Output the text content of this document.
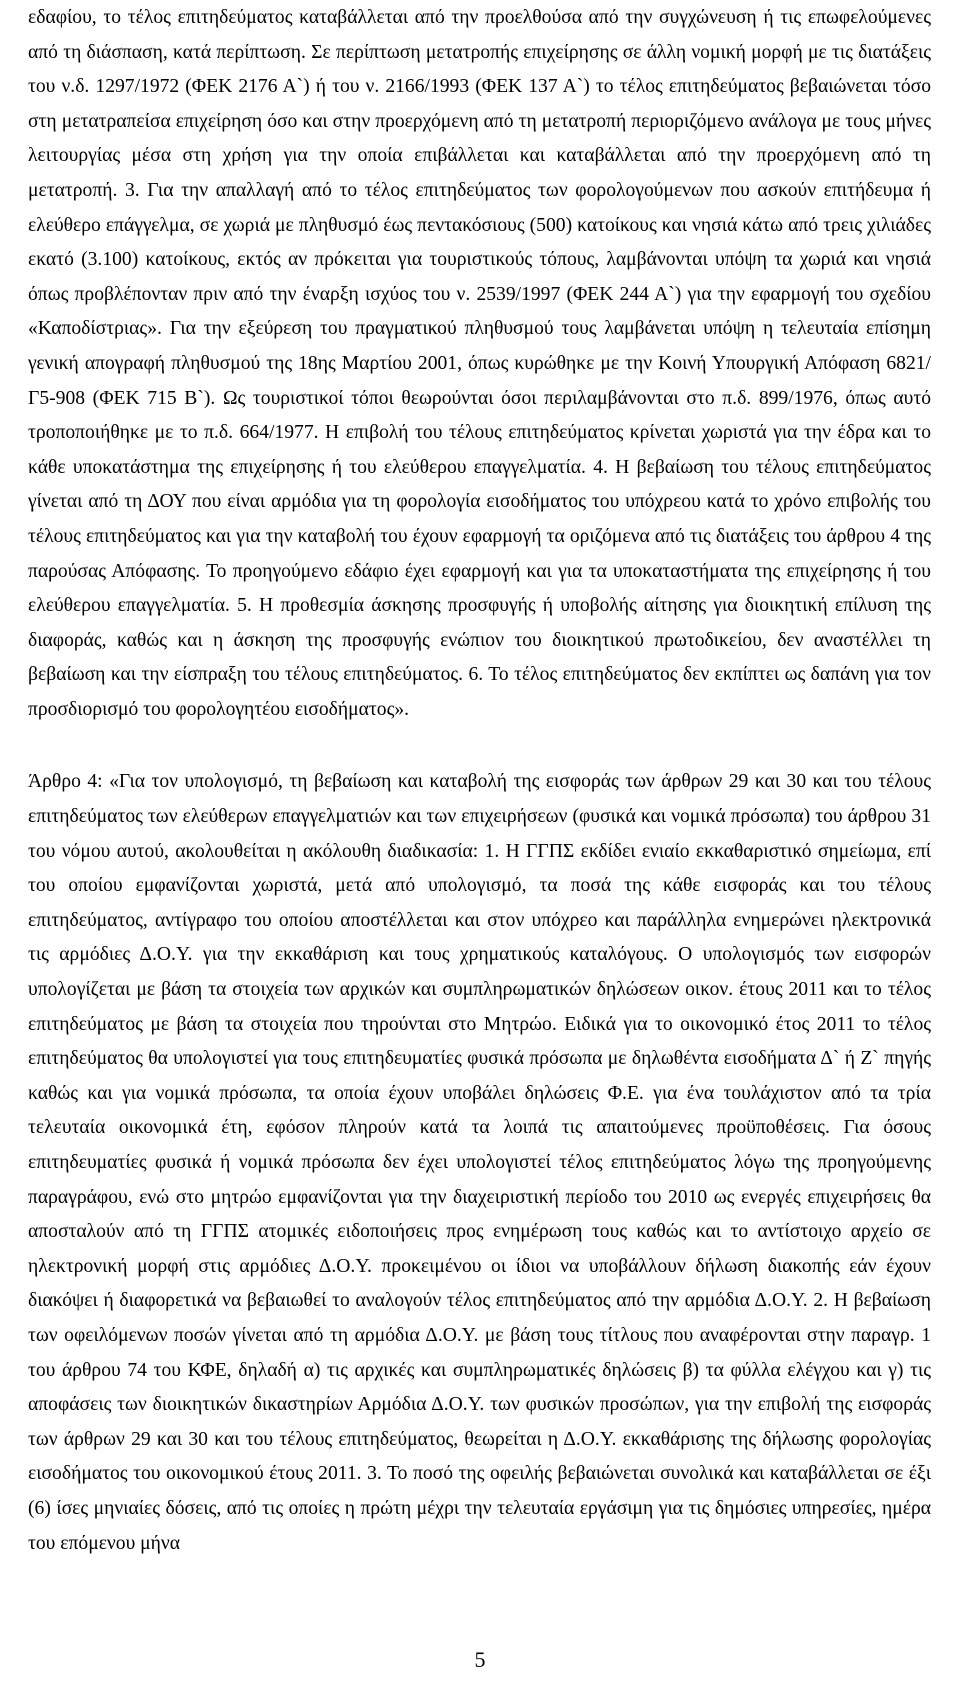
εδαφίου, το τέλος επιτηδεύματος καταβάλλεται από την προελθούσα από την συγχώνευση ή τις επωφελούμενες από τη διάσπαση, κατά περίπτωση. Σε περίπτωση μετατροπής επιχείρησης σε άλλη νομική μορφή με τις διατάξεις του ν.δ. 1297/1972 (ΦΕΚ 2176 Α`) ή του ν. 2166/1993 (ΦΕΚ 137 Α`) το τέλος επιτηδεύματος βεβαιώνεται τόσο στη μετατραπείσα επιχείρηση όσο και στην προερχόμενη από τη μετατροπή περιοριζόμενο ανάλογα με τους μήνες λειτουργίας μέσα στη χρήση για την οποία επιβάλλεται και καταβάλλεται από την προερχόμενη από τη μετατροπή. 3. Για την απαλλαγή από το τέλος επιτηδεύματος των φορολογούμενων που ασκούν επιτήδευμα ή ελεύθερο επάγγελμα, σε χωριά με πληθυσμό έως πεντακόσιους (500) κατοίκους και νησιά κάτω από τρεις χιλιάδες εκατό (3.100) κατοίκους, εκτός αν πρόκειται για τουριστικούς τόπους, λαμβάνονται υπόψη τα χωριά και νησιά όπως προβλέπονταν πριν από την έναρξη ισχύος του ν. 2539/1997 (ΦΕΚ 244 Α`) για την εφαρμογή του σχεδίου «Καποδίστριας». Για την εξεύρεση του πραγματικού πληθυσμού τους λαμβάνεται υπόψη η τελευταία επίσημη γενική απογραφή πληθυσμού της 18ης Μαρτίου 2001, όπως κυρώθηκε με την Κοινή Υπουργική Απόφαση 6821/Γ5-908 (ΦΕΚ 715 Β`). Ως τουριστικοί τόποι θεωρούνται όσοι περιλαμβάνονται στο π.δ. 899/1976, όπως αυτό τροποποιήθηκε με το π.δ. 664/1977. Η επιβολή του τέλους επιτηδεύματος κρίνεται χωριστά για την έδρα και το κάθε υποκατάστημα της επιχείρησης ή του ελεύθερου επαγγελματία. 4. Η βεβαίωση του τέλους επιτηδεύματος γίνεται από τη ΔΟΥ που είναι αρμόδια για τη φορολογία εισοδήματος του υπόχρεου κατά το χρόνο επιβολής του τέλους επιτηδεύματος και για την καταβολή του έχουν εφαρμογή τα οριζόμενα από τις διατάξεις του άρθρου 4 της παρούσας Απόφασης. Το προηγούμενο εδάφιο έχει εφαρμογή και για τα υποκαταστήματα της επιχείρησης ή του ελεύθερου επαγγελματία. 5. Η προθεσμία άσκησης προσφυγής ή υποβολής αίτησης για διοικητική επίλυση της διαφοράς, καθώς και η άσκηση της προσφυγής ενώπιον του διοικητικού πρωτοδικείου, δεν αναστέλλει τη βεβαίωση και την είσπραξη του τέλους επιτηδεύματος. 6. Το τέλος επιτηδεύματος δεν εκπίπτει ως δαπάνη για τον προσδιορισμό του φορολογητέου εισοδήματος».

Άρθρο 4: «Για τον υπολογισμό, τη βεβαίωση και καταβολή της εισφοράς των άρθρων 29 και 30 και του τέλους επιτηδεύματος των ελεύθερων επαγγελματιών και των επιχειρήσεων (φυσικά και νομικά πρόσωπα) του άρθρου 31 του νόμου αυτού, ακολουθείται η ακόλουθη διαδικασία: 1. Η ΓΓΠΣ εκδίδει ενιαίο εκκαθαριστικό σημείωμα, επί του οποίου εμφανίζονται χωριστά, μετά από υπολογισμό, τα ποσά της κάθε εισφοράς και του τέλους επιτηδεύματος, αντίγραφο του οποίου αποστέλλεται και στον υπόχρεο και παράλληλα ενημερώνει ηλεκτρονικά τις αρμόδιες Δ.Ο.Υ. για την εκκαθάριση και τους χρηματικούς καταλόγους. Ο υπολογισμός των εισφορών υπολογίζεται με βάση τα στοιχεία των αρχικών και συμπληρωματικών δηλώσεων οικον. έτους 2011 και το τέλος επιτηδεύματος με βάση τα στοιχεία που τηρούνται στο Μητρώο. Ειδικά για το οικονομικό έτος 2011 το τέλος επιτηδεύματος θα υπολογιστεί για τους επιτηδευματίες φυσικά πρόσωπα με δηλωθέντα εισοδήματα Δ` ή Ζ` πηγής καθώς και για νομικά πρόσωπα, τα οποία έχουν υποβάλει δηλώσεις Φ.Ε. για ένα τουλάχιστον από τα τρία τελευταία οικονομικά έτη, εφόσον πληρούν κατά τα λοιπά τις απαιτούμενες προϋποθέσεις. Για όσους επιτηδευματίες φυσικά ή νομικά πρόσωπα δεν έχει υπολογιστεί τέλος επιτηδεύματος λόγω της προηγούμενης παραγράφου, ενώ στο μητρώο εμφανίζονται για την διαχειριστική περίοδο του 2010 ως ενεργές επιχειρήσεις θα αποσταλούν από τη ΓΓΠΣ ατομικές ειδοποιήσεις προς ενημέρωση τους καθώς και το αντίστοιχο αρχείο σε ηλεκτρονική μορφή στις αρμόδιες Δ.Ο.Υ. προκειμένου οι ίδιοι να υποβάλλουν δήλωση διακοπής εάν έχουν διακόψει ή διαφορετικά να βεβαιωθεί το αναλογούν τέλος επιτηδεύματος από την αρμόδια Δ.Ο.Υ. 2. Η βεβαίωση των οφειλόμενων ποσών γίνεται από τη αρμόδια Δ.Ο.Υ. με βάση τους τίτλους που αναφέρονται στην παραγρ. 1 του άρθρου 74 του ΚΦΕ, δηλαδή α) τις αρχικές και συμπληρωματικές δηλώσεις β) τα φύλλα ελέγχου και γ) τις αποφάσεις των διοικητικών δικαστηρίων Αρμόδια Δ.Ο.Υ. των φυσικών προσώπων, για την επιβολή της εισφοράς των άρθρων 29 και 30 και του τέλους επιτηδεύματος, θεωρείται η Δ.Ο.Υ. εκκαθάρισης της δήλωσης φορολογίας εισοδήματος του οικονομικού έτους 2011. 3. Το ποσό της οφειλής βεβαιώνεται συνολικά και καταβάλλεται σε έξι (6) ίσες μηνιαίες δόσεις, από τις οποίες η πρώτη μέχρι την τελευταία εργάσιμη για τις δημόσιες υπηρεσίες, ημέρα του επόμενου μήνα

5
